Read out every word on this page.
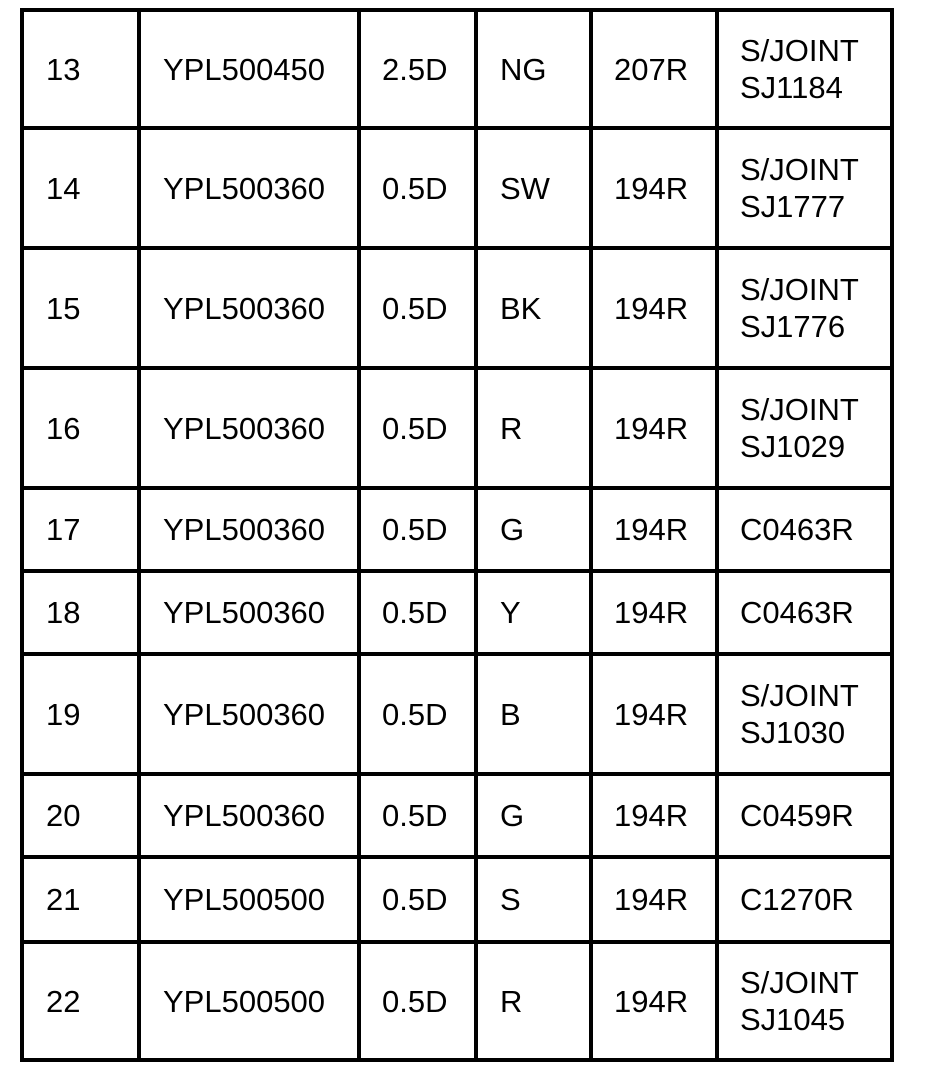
13	YPL500450	2.5D	NG	207R	S/JOINT
SJ1184

14	YPL500360	0.5D	SW	194R	S/JOINT
SJ1777

15	YPL500360	0.5D	BK	194R	S/JOINT
SJ1776

16	YPL500360	0.5D	R	194R	S/JOINT
SJ1029

17	YPL500360	0.5D	G	194R	C0463R

18	YPL500360	0.5D	Y	194R	C0463R

19	YPL500360	0.5D	B	194R	S/JOINT
SJ1030

20	YPL500360	0.5D	G	194R	C0459R

21	YPL500500	0.5D	S	194R	C1270R

22	YPL500500	0.5D	R	194R	S/JOINT
SJ1045
